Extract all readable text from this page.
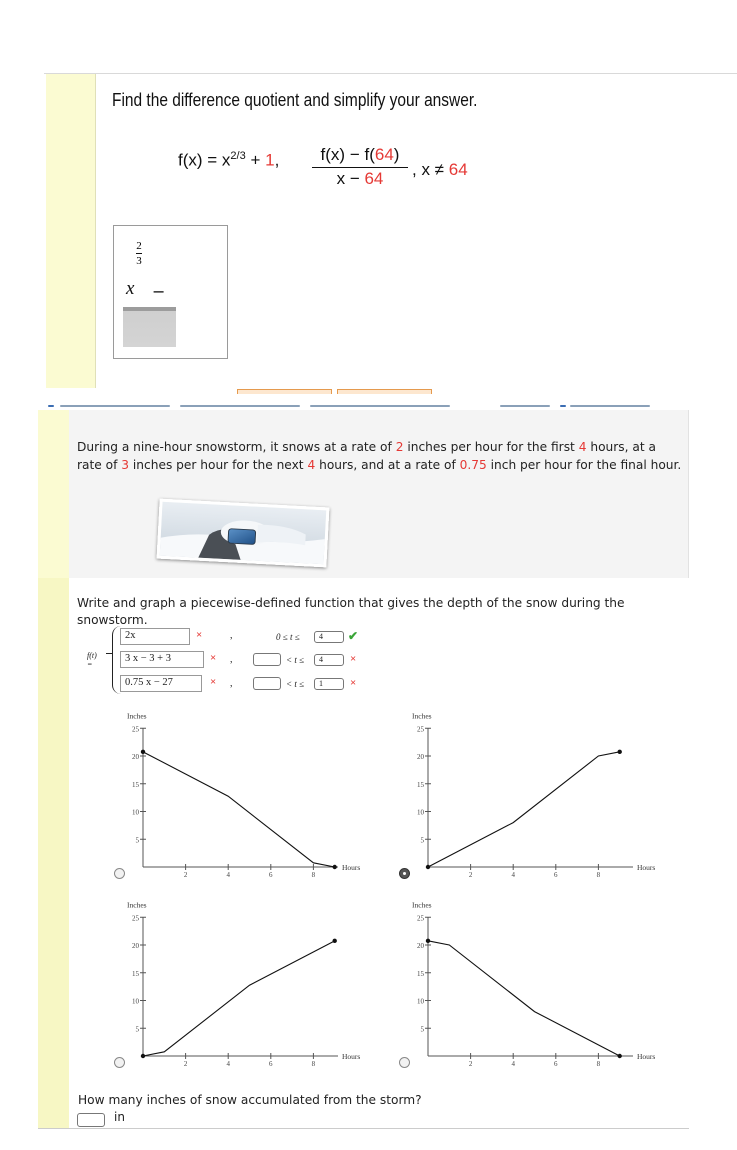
Find the difference quotient and simplify your answer.
$f(x) = x^{2/3} + 1$, $\frac{f(x) - f(64)}{x - 64}$ , x ≠ 64
2
3
x −
During a nine-hour snowstorm, it snows at a rate of 2 inches per hour for the first 4 hours, at a rate of 3 inches per hour for the next 4 hours, and at a rate of 0.75 inch per hour for the final hour.
Write and graph a piecewise-defined function that gives the depth of the snow during the snowstorm.
f(t) =
2x	×	,	0 ≤ t ≤	4	✔
3 x − 3 + 3	× ,	< t ≤	4	×
0.75 x − 27	× ,	< t ≤	1	×
5
10
15
20
25
2	4	6	8
Inches
Hours
5
10
15
20
25
2	4	6	8
Inches
Hours
5
10
15
20
25
2	4	6	8
Inches
Hours
5
10
15
20
25
2	4	6	8
Inches
Hours
How many inches of snow accumulated from the storm?
in
